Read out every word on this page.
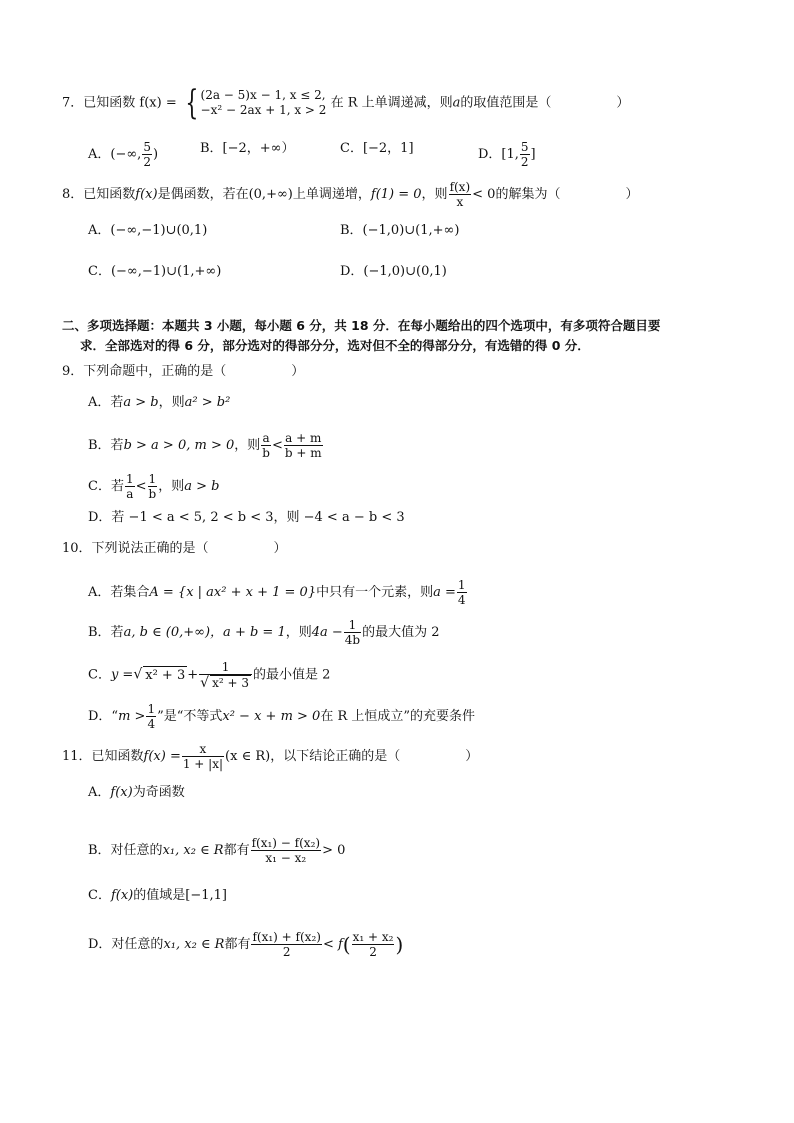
7．已知函数 f(x) = { (2a − 5)x − 1, x ≤ 2,
−x² − 2ax + 1, x > 2 在 R 上单调递减，则a的取值范围是（　　　　　）
A．(−∞, $\frac{5}{2}$ )	B．[−2，+∞）	C．[−2，1]	D．[1, $\frac{5}{2}$ ]
8．已知函数f(x)是偶函数，若在(0,+∞)上单调递增，f(1) = 0，则 $\frac{f(x)}{x} < 0$的解集为（　　　　　）
A．(−∞,−1)∪(0,1)	B．(−1,0)∪(1,+∞)
C．(−∞,−1)∪(1,+∞)	D．(−1,0)∪(0,1)
二、多项选择题：本题共 3 小题，每小题 6 分，共 18 分．在每小题给出的四个选项中，有多项符合题目要
求．全部选对的得 6 分，部分选对的得部分分，选对但不全的得部分分，有选错的得 0 分．
9．下列命题中，正确的是（　　　　　）
A．若a > b，则a² > b²
B．若b > a > 0, m > 0，则 $\frac{a}{b} < \frac{a + m}{b + m}$
C．若 $\frac{1}{a} < \frac{1}{b}$ ，则a > b
D．若 −1 < a < 5, 2 < b < 3，则 −4 < a − b < 3
10．下列说法正确的是（　　　　　）
A．若集合A = {x | ax² + x + 1 = 0}中只有一个元素，则$a = \frac{1}{4}$
B．若a, b ∈ (0,+∞)，a + b = 1，则$4a - \frac{1}{4b}$ 的最大值为 2
C．y =√ $x^2 + 3 + \frac{1}{\text{√ x² + 3}}$ 的最小值是 2
D．“$m > \frac{1}{4}$ ”是“不等式x² − x + m > 0在 R 上恒成立”的充要条件
11．已知函数$f(x) = \frac{x}{1 + |x|} (x$ ∈ R)，以下结论正确的是（　　　　　）
A．f(x)为奇函数
B．对任意的x₁, x₂ ∈ R都有 $\frac{\text{f(x₁) − f(x₂)}}{\text{x₁ − x₂}} > 0$
C．f(x)的值域是[−1,1]
D．对任意的x₁, x₂ ∈ R都有 $\frac{\text{f(x₁) + f(x₂)}}{2} < f( \frac{\text{x₁ + x₂}}{2}$ )
